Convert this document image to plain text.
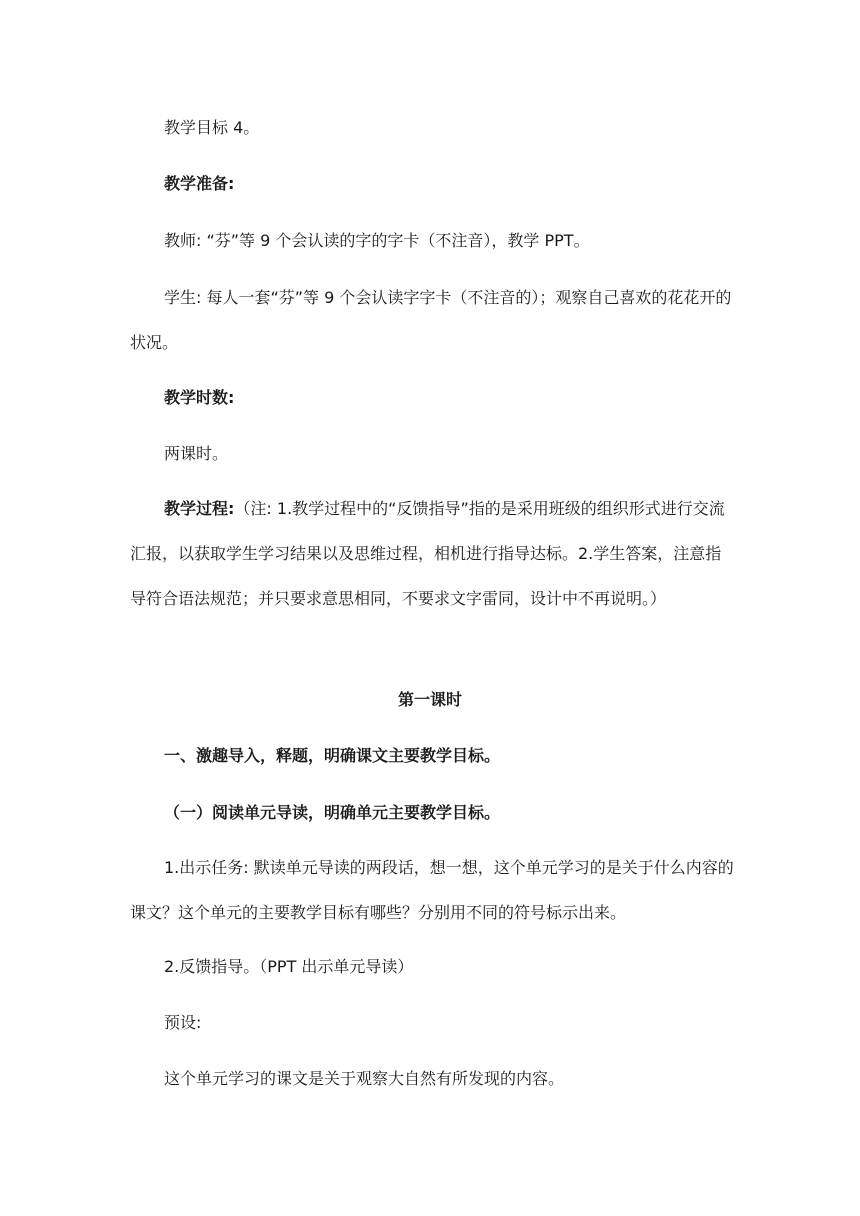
教学目标 4。
教学准备:
教师: “芬”等 9 个会认读的字的字卡（不注音），教学 PPT。
学生: 每人一套“芬”等 9 个会认读字字卡（不注音的）；观察自己喜欢的花花开的状况。
教学时数:
两课时。
教学过程:（注: 1.教学过程中的“反馈指导”指的是采用班级的组织形式进行交流汇报，以获取学生学习结果以及思维过程，相机进行指导达标。2.学生答案，注意指导符合语法规范；并只要求意思相同，不要求文字雷同，设计中不再说明。）
第一课时
一、激趣导入，释题，明确课文主要教学目标。
（一）阅读单元导读，明确单元主要教学目标。
1.出示任务: 默读单元导读的两段话，想一想，这个单元学习的是关于什么内容的课文？这个单元的主要教学目标有哪些？分别用不同的符号标示出来。
2.反馈指导。（PPT 出示单元导读）
预设:
这个单元学习的课文是关于观察大自然有所发现的内容。
